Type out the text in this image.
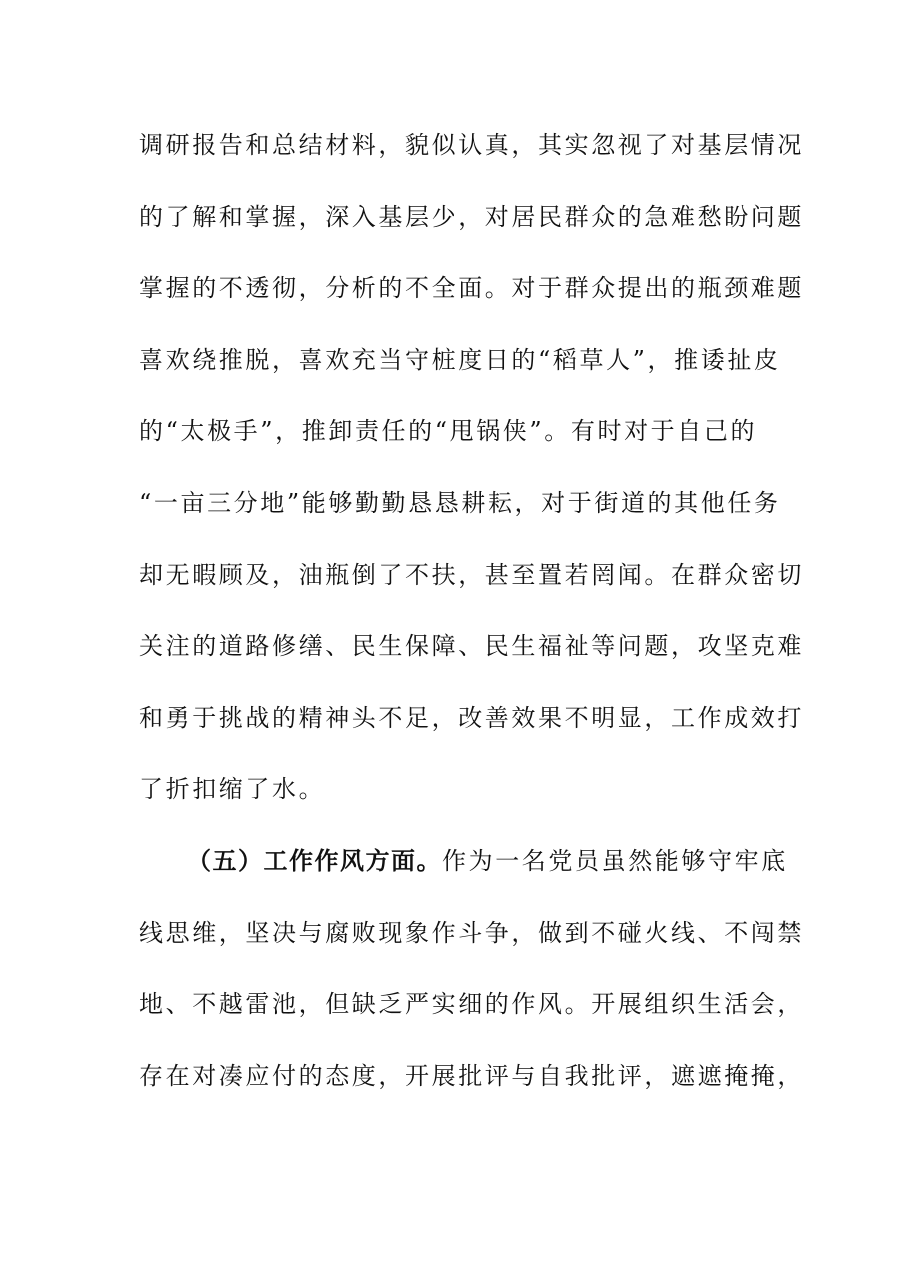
调研报告和总结材料，貌似认真，其实忽视了对基层情况
的了解和掌握，深入基层少，对居民群众的急难愁盼问题
掌握的不透彻，分析的不全面。对于群众提出的瓶颈难题
喜欢绕推脱，喜欢充当守桩度日的“稻草人”，推诿扯皮
的“太极手”，推卸责任的“甩锅侠”。有时对于自己的
“一亩三分地”能够勤勤恳恳耕耘，对于街道的其他任务
却无暇顾及，油瓶倒了不扶，甚至置若罔闻。在群众密切
关注的道路修缮、民生保障、民生福祉等问题，攻坚克难
和勇于挑战的精神头不足，改善效果不明显，工作成效打
了折扣缩了水。
（五）工作作风方面。作为一名党员虽然能够守牢底
线思维，坚决与腐败现象作斗争，做到不碰火线、不闯禁
地、不越雷池，但缺乏严实细的作风。开展组织生活会，
存在对凑应付的态度，开展批评与自我批评，遮遮掩掩，
